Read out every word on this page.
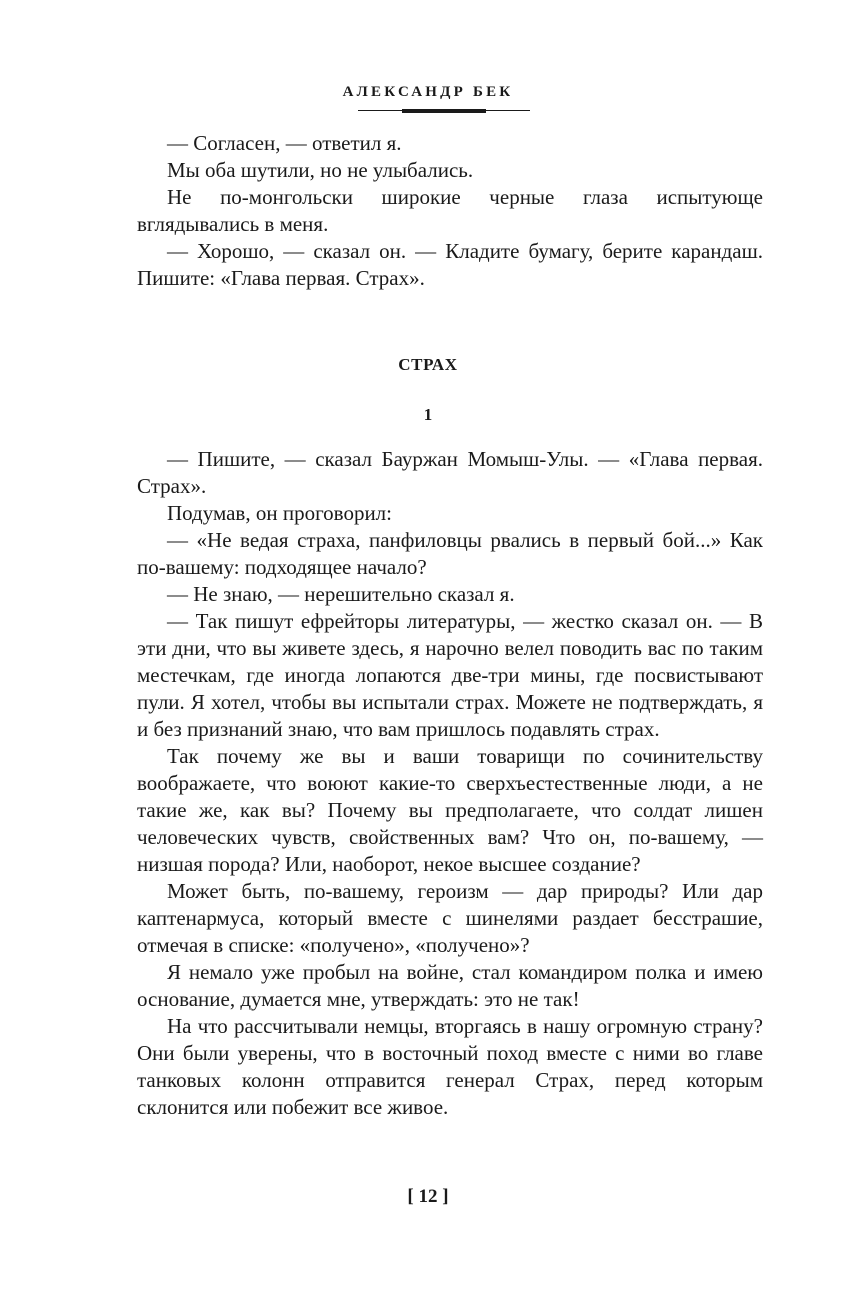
АЛЕКСАНДР БЕК

— Согласен, — ответил я.

Мы оба шутили, но не улыбались.

Не по-монгольски широкие черные глаза испытующе вглядывались в меня.

— Хорошо, — сказал он. — Кладите бумагу, берите карандаш. Пишите: «Глава первая. Страх».

СТРАХ
1

— Пишите, — сказал Бауржан Момыш-Улы. — «Глава первая. Страх».

Подумав, он проговорил:

— «Не ведая страха, панфиловцы рвались в первый бой...» Как по-вашему: подходящее начало?

— Не знаю, — нерешительно сказал я.

— Так пишут ефрейторы литературы, — жестко сказал он. — В эти дни, что вы живете здесь, я нарочно велел поводить вас по таким местечкам, где иногда лопаются две-три мины, где посвистывают пули. Я хотел, чтобы вы испытали страх. Можете не подтверждать, я и без признаний знаю, что вам пришлось подавлять страх.

Так почему же вы и ваши товарищи по сочинительству воображаете, что воюют какие-то сверхъестественные люди, а не такие же, как вы? Почему вы предполагаете, что солдат лишен человеческих чувств, свойственных вам? Что он, по-вашему, — низшая порода? Или, наоборот, некое высшее создание?

Может быть, по-вашему, героизм — дар природы? Или дар каптенармуса, который вместе с шинелями раздает бесстрашие, отмечая в списке: «получено», «получено»?

Я немало уже пробыл на войне, стал командиром полка и имею основание, думается мне, утверждать: это не так!

На что рассчитывали немцы, вторгаясь в нашу огромную страну? Они были уверены, что в восточный поход вместе с ними во главе танковых колонн отправится генерал Страх, перед которым склонится или побежит все живое.

[ 12 ]
